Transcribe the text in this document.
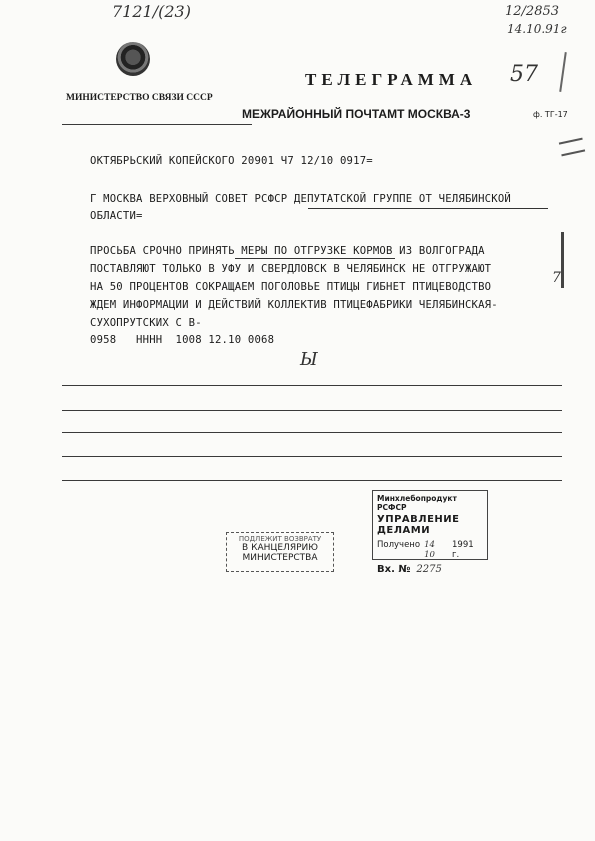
7121/(23)	12/2853
14.10.91г
МИНИСТЕРСТВО СВЯЗИ СССР
ТЕЛЕГРАММА 57
МЕЖРАЙОННЫЙ ПОЧТАМТ МОСКВА-3	ф. ТГ-17
ОКТЯБРЬСКИЙ КОПЕЙСКОГО 20901 Ч7 12/10 0917=
Г МОСКВА ВЕРХОВНЫЙ СОВЕТ РСФСР ДЕПУТАТСКОЙ ГРУППЕ ОТ ЧЕЛЯБИНСКОЙ
ОБЛАСТИ=
ПРОСЬБА СРОЧНО ПРИНЯТЬ МЕРЫ ПО ОТГРУЗКЕ КОРМОВ ИЗ ВОЛГОГРАДА
ПОСТАВЛЯЮТ ТОЛЬКО В УФУ И СВЕРДЛОВСК В ЧЕЛЯБИНСК НЕ ОТГРУЖАЮТ
НА 50 ПРОЦЕНТОВ СОКРАЩАЕМ ПОГОЛОВЬЕ ПТИЦЫ ГИБНЕТ ПТИЦЕВОДСТВО
ЖДЕМ ИНФОРМАЦИИ И ДЕЙСТВИЙ КОЛЛЕКТИВ ПТИЦЕФАБРИКИ ЧЕЛЯБИНСКАЯ-
СУХОПРУТСКИХ С В-
7
0958   НННН  1008 12.10 0068
Ы
Минхлебопродукт РСФСР
УПРАВЛЕНИЕ ДЕЛАМИ
Получено 14 10
1991 г.
Вх. № 2275
ПОДЛЕЖИТ ВОЗВРАТУ
В КАНЦЕЛЯРИЮ
МИНИСТЕРСТВА
